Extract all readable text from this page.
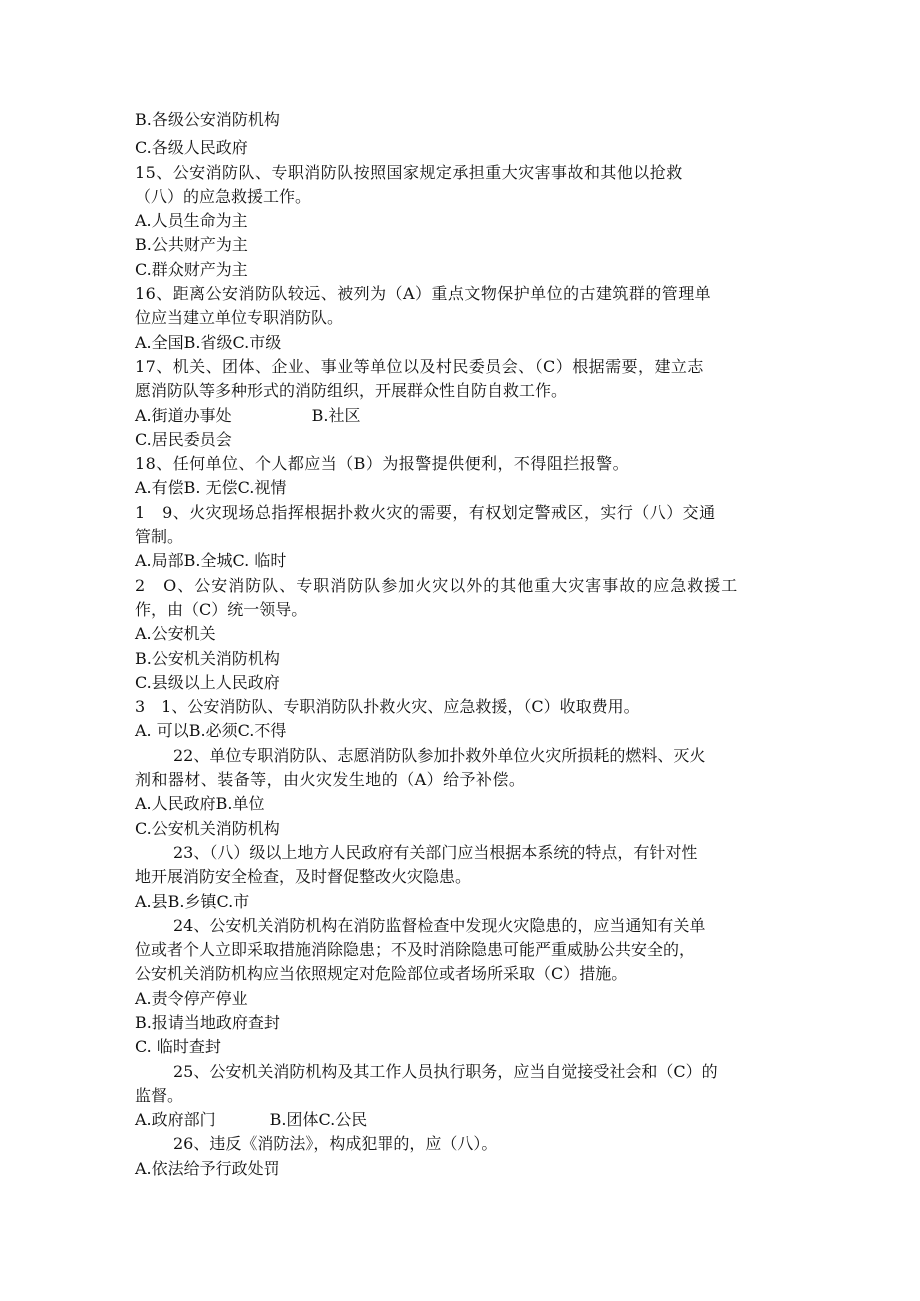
B.各级公安消防机构
C.各级人民政府
15、公安消防队、专职消防队按照国家规定承担重大灾害事故和其他以抢救
（八）的应急救援工作。
A.人员生命为主
B.公共财产为主
C.群众财产为主
16、距离公安消防队较远、被列为（A）重点文物保护单位的古建筑群的管理单
位应当建立单位专职消防队。
A.全国B.省级C.市级
17、机关、团体、企业、事业等单位以及村民委员会、（C）根据需要，建立志
愿消防队等多种形式的消防组织，开展群众性自防自救工作。
A.街道办事处	B.社区
C.居民委员会
18、任何单位、个人都应当（B）为报警提供便利，不得阻拦报警。
A.有偿B. 无偿C.视情
1　9、火灾现场总指挥根据扑救火灾的需要，有权划定警戒区，实行（八）交通
管制。
A.局部B.全城C. 临时
2　O、公安消防队、专职消防队参加火灾以外的其他重大灾害事故的应急救援工
作，由（C）统一领导。
A.公安机关
B.公安机关消防机构
C.县级以上人民政府
3　1、公安消防队、专职消防队扑救火灾、应急救援，（C）收取费用。
A. 可以B.必须C.不得
22、单位专职消防队、志愿消防队参加扑救外单位火灾所损耗的燃料、灭火
剂和器材、装备等，由火灾发生地的（A）给予补偿。
A.人民政府B.单位
C.公安机关消防机构
23、（八）级以上地方人民政府有关部门应当根据本系统的特点，有针对性
地开展消防安全检查，及时督促整改火灾隐患。
A.县B.乡镇C.市
24、公安机关消防机构在消防监督检查中发现火灾隐患的，应当通知有关单
位或者个人立即采取措施消除隐患；不及时消除隐患可能严重威胁公共安全的，
公安机关消防机构应当依照规定对危险部位或者场所采取（C）措施。
A.责令停产停业
B.报请当地政府查封
C. 临时查封
25、公安机关消防机构及其工作人员执行职务，应当自觉接受社会和（C）的
监督。
A.政府部门	B.团体C.公民
26、违反《消防法》，构成犯罪的，应（八）。
A.依法给予行政处罚
